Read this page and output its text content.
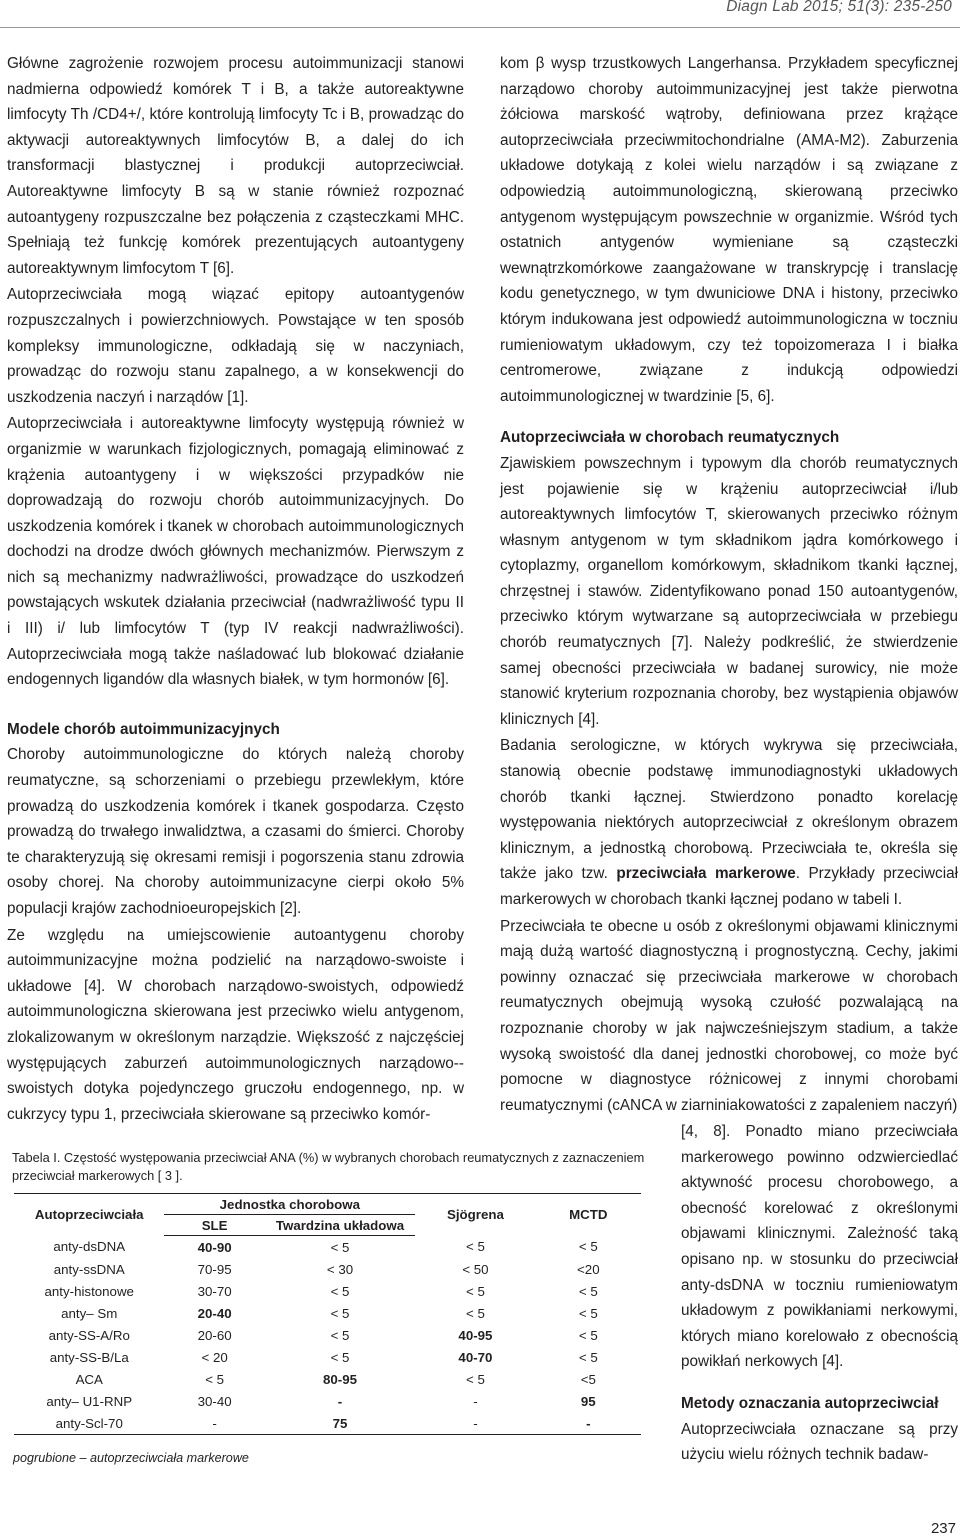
Diagn Lab 2015; 51(3): 235-250

Główne zagrożenie rozwojem procesu autoimmunizacji stanowi nadmierna odpowiedź komórek T i B, a także autoreaktywne limfocyty Th /CD4+/, które kontrolują limfocyty Tc i B, prowadząc do aktywacji autoreaktywnych limfocytów B, a dalej do ich transformacji blastycznej i produkcji autoprzeciwciał. Autoreaktywne limfocyty B są w stanie również rozpoznać autoantygeny rozpuszczalne bez połączenia z cząsteczkami MHC. Spełniają też funkcję komórek prezentujących autoantygeny autoreaktywnym limfocytom T [6].

Autoprzeciwciała mogą wiązać epitopy autoantygenów rozpuszczalnych i powierzchniowych. Powstające w ten sposób kompleksy immunologiczne, odkładają się w naczyniach, prowadząc do rozwoju stanu zapalnego, a w konsekwencji do uszkodzenia naczyń i narządów [1].

Autoprzeciwciała i autoreaktywne limfocyty występują również w organizmie w warunkach fizjologicznych, pomagają eliminować z krążenia autoantygeny i w większości przypadków nie doprowadzają do rozwoju chorób autoimmunizacyjnych. Do uszkodzenia komórek i tkanek w chorobach autoimmunologicznych dochodzi na drodze dwóch głównych mechanizmów. Pierwszym z nich są mechanizmy nadwrażliwości, prowadzące do uszkodzeń powstających wskutek działania przeciwciał (nadwrażliwość typu II i III) i/ lub limfocytów T (typ IV reakcji nadwrażliwości). Autoprzeciwciała mogą także naśladować lub blokować działanie endogennych ligandów dla własnych białek, w tym hormonów [6].

Modele chorób autoimmunizacyjnych

Choroby autoimmunologiczne do których należą choroby reumatyczne, są schorzeniami o przebiegu przewlekłym, które prowadzą do uszkodzenia komórek i tkanek gospodarza. Często prowadzą do trwałego inwalidztwa, a czasami do śmierci. Choroby te charakteryzują się okresami remisji i pogorszenia stanu zdrowia osoby chorej. Na choroby autoimmunizacyne cierpi około 5% populacji krajów zachodnioeuropejskich [2].

Ze względu na umiejscowienie autoantygenu choroby autoimmunizacyjne można podzielić na narządowo-swoiste i układowe [4]. W chorobach narządowo-swoistych, odpowiedź autoimmunologiczna skierowana jest przeciwko wielu antygenom, zlokalizowanym w określonym narządzie. Większość z najczęściej występujących zaburzeń autoimmunologicznych narządowo--swoistych dotyka pojedynczego gruczołu endogennego, np. w cukrzycy typu 1, przeciwciała skierowane są przeciwko komór-

kom β wysp trzustkowych Langerhansa. Przykładem specyficznej narządowo choroby autoimmunizacyjnej jest także pierwotna żółciowa marskość wątroby, definiowana przez krążące autoprzeciwciała przeciwmitochondrialne (AMA-M2). Zaburzenia układowe dotykają z kolei wielu narządów i są związane z odpowiedzią autoimmunologiczną, skierowaną przeciwko antygenom występującym powszechnie w organizmie. Wśród tych ostatnich antygenów wymieniane są cząsteczki wewnątrzkomórkowe zaangażowane w transkrypcję i translację kodu genetycznego, w tym dwuniciowe DNA i histony, przeciwko którym indukowana jest odpowiedź autoimmunologiczna w toczniu rumieniowatym układowym, czy też topoizomeraza I i białka centromerowe, związane z indukcją odpowiedzi autoimmunologicznej w twardzinie [5, 6].

Autoprzeciwciała w chorobach reumatycznych

Zjawiskiem powszechnym i typowym dla chorób reumatycznych jest pojawienie się w krążeniu autoprzeciwciał i/lub autoreaktywnych limfocytów T, skierowanych przeciwko różnym własnym antygenom w tym składnikom jądra komórkowego i cytoplazmy, organellom komórkowym, składnikom tkanki łącznej, chrzęstnej i stawów. Zidentyfikowano ponad 150 autoantygenów, przeciwko którym wytwarzane są autoprzeciwciała w przebiegu chorób reumatycznych [7]. Należy podkreślić, że stwierdzenie samej obecności przeciwciała w badanej surowicy, nie może stanowić kryterium rozpoznania choroby, bez wystąpienia objawów klinicznych [4].

Badania serologiczne, w których wykrywa się przeciwciała, stanowią obecnie podstawę immunodiagnostyki układowych chorób tkanki łącznej. Stwierdzono ponadto korelację występowania niektórych autoprzeciwciał z określonym obrazem klinicznym, a jednostką chorobową. Przeciwciała te, określa się także jako tzw. przeciwciała markerowe. Przykłady przeciwciał markerowych w chorobach tkanki łącznej podano w tabeli I.

Przeciwciała te obecne u osób z określonymi objawami klinicznymi mają dużą wartość diagnostyczną i prognostyczną. Cechy, jakimi powinny oznaczać się przeciwciała markerowe w chorobach reumatycznych obejmują wysoką czułość pozwalającą na rozpoznanie choroby w jak najwcześniejszym stadium, a także wysoką swoistość dla danej jednostki chorobowej, co może być pomocne w diagnostyce różnicowej z innymi chorobami reumatycznymi (cANCA w ziarniniakowatości z zapaleniem naczyń)

[4, 8]. Ponadto miano przeciwciała markerowego powinno odzwierciedlać aktywność procesu chorobowego, a obecność korelować z określonymi objawami klinicznymi. Zależność taką opisano np. w stosunku do przeciwciał anty-dsDNA w toczniu rumieniowatym układowym z powikłaniami nerkowymi, których miano korelowało z obecnością powikłań nerkowych [4].

Metody oznaczania autoprzeciwciał

Autoprzeciwciała oznaczane są przy użyciu wielu różnych technik badaw-

Tabela I. Częstość występowania przeciwciał ANA (%) w wybranych chorobach reumatycznych z zaznaczeniem przeciwciał markerowych [ 3 ].
Autoprzeciwciała	Jednostka chorobowa		Sjögrena	MCTD
	SLE	Twardzina układowa		
anty-dsDNA	40-90	< 5	< 5	< 5
anty-ssDNA	70-95	< 30	< 50	<20
anty-histonowe	30-70	< 5	< 5	< 5
anty– Sm	20-40	< 5	< 5	< 5
anty-SS-A/Ro	20-60	< 5	40-95	< 5
anty-SS-B/La	< 20	< 5	40-70	< 5
ACA	< 5	80-95	< 5	<5
anty– U1-RNP	30-40	-	-	95
anty-Scl-70	-	75	-	-
pogrubione – autoprzeciwciała markerowe
237
